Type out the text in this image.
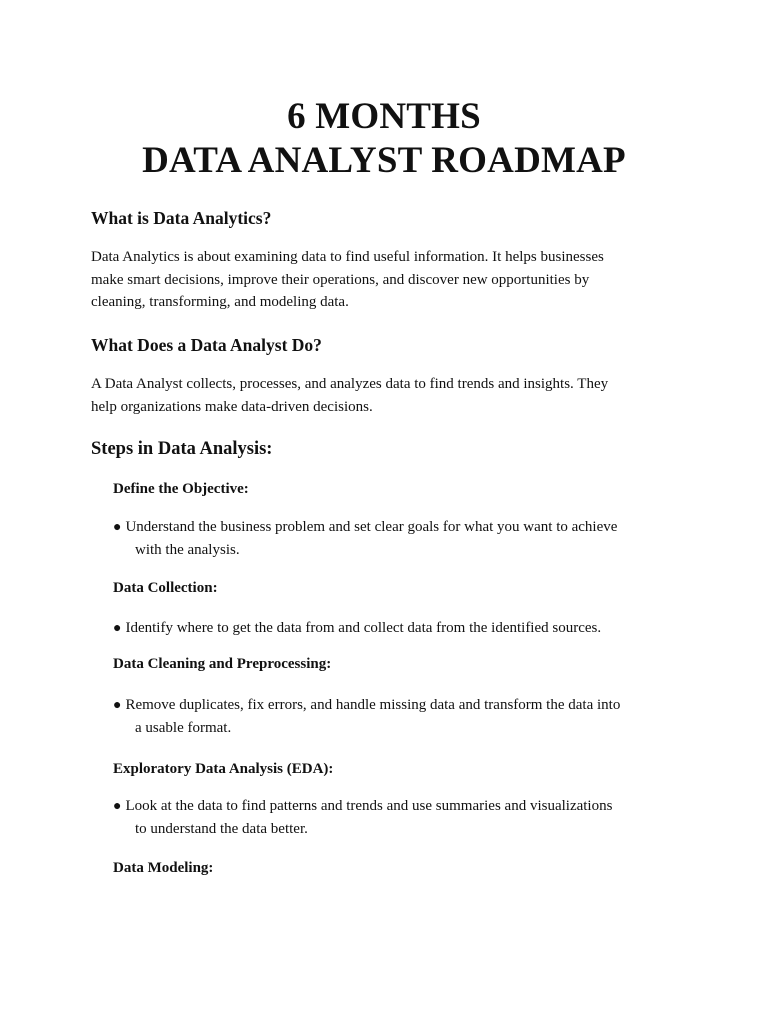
6 MONTHS
DATA ANALYST ROADMAP
What is Data Analytics?
Data Analytics is about examining data to find useful information. It helps businesses
make smart decisions, improve their operations, and discover new opportunities by
cleaning, transforming, and modeling data.
What Does a Data Analyst Do?
A Data Analyst collects, processes, and analyzes data to find trends and insights. They
help organizations make data-driven decisions.
Steps in Data Analysis:
Define the Objective:
● Understand the business problem and set clear goals for what you want to achieve
with the analysis.
Data Collection:
● Identify where to get the data from and collect data from the identified sources.
Data Cleaning and Preprocessing:
● Remove duplicates, fix errors, and handle missing data and transform the data into
a usable format.
Exploratory Data Analysis (EDA):
● Look at the data to find patterns and trends and use summaries and visualizations
to understand the data better.
Data Modeling:
